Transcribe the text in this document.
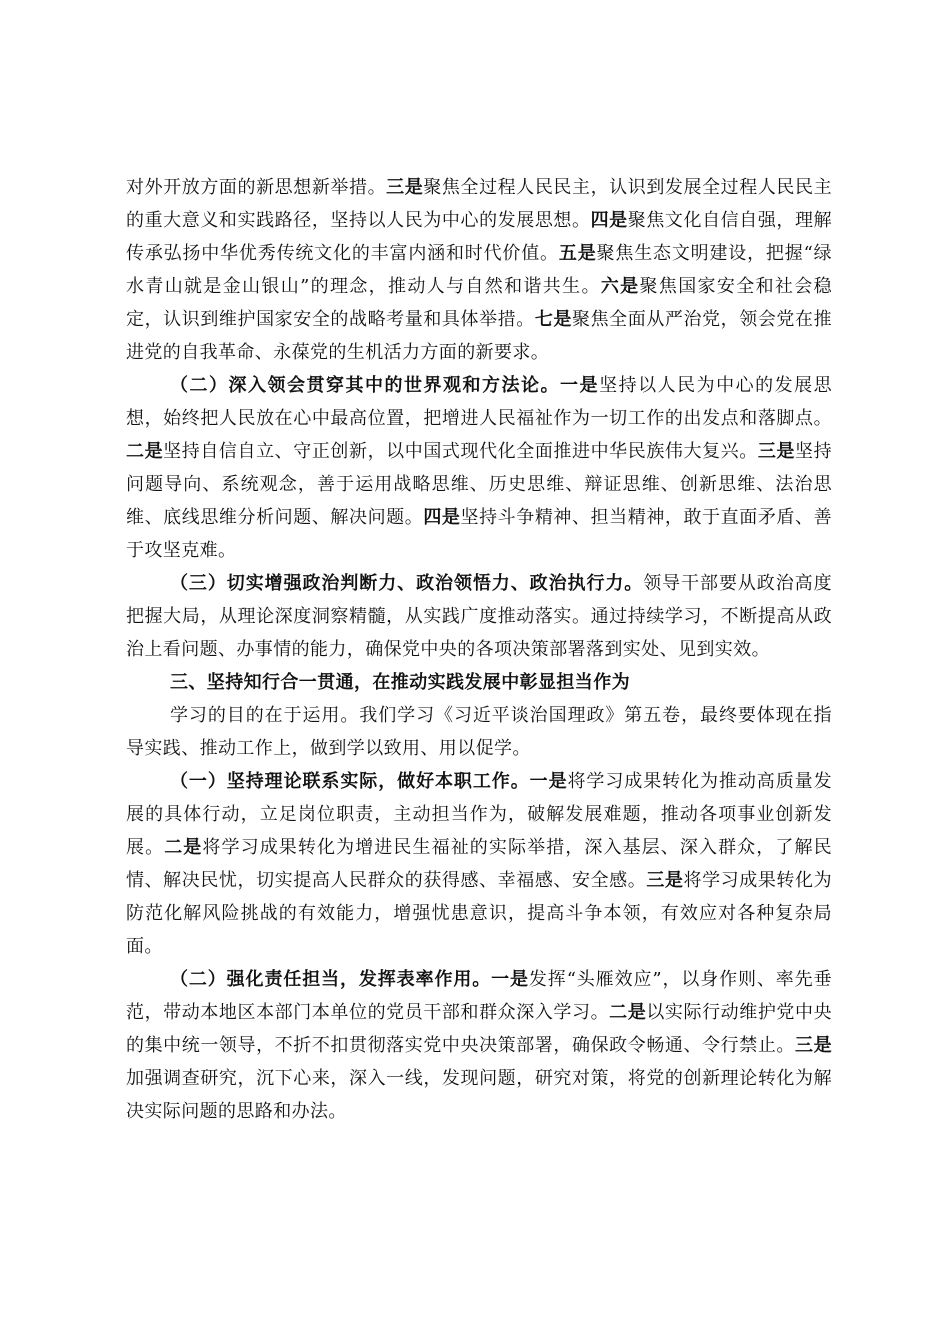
对外开放方面的新思想新举措。三是聚焦全过程人民民主，认识到发展全过程人民民主的重大意义和实践路径，坚持以人民为中心的发展思想。四是聚焦文化自信自强，理解传承弘扬中华优秀传统文化的丰富内涵和时代价值。五是聚焦生态文明建设，把握“绿水青山就是金山银山”的理念，推动人与自然和谐共生。六是聚焦国家安全和社会稳定，认识到维护国家安全的战略考量和具体举措。七是聚焦全面从严治党，领会党在推进党的自我革命、永葆党的生机活力方面的新要求。

（二）深入领会贯穿其中的世界观和方法论。一是坚持以人民为中心的发展思想，始终把人民放在心中最高位置，把增进人民福祉作为一切工作的出发点和落脚点。二是坚持自信自立、守正创新，以中国式现代化全面推进中华民族伟大复兴。三是坚持问题导向、系统观念，善于运用战略思维、历史思维、辩证思维、创新思维、法治思维、底线思维分析问题、解决问题。四是坚持斗争精神、担当精神，敢于直面矛盾、善于攻坚克难。

（三）切实增强政治判断力、政治领悟力、政治执行力。领导干部要从政治高度把握大局，从理论深度洞察精髓，从实践广度推动落实。通过持续学习，不断提高从政治上看问题、办事情的能力，确保党中央的各项决策部署落到实处、见到实效。

三、坚持知行合一贯通，在推动实践发展中彰显担当作为

学习的目的在于运用。我们学习《习近平谈治国理政》第五卷，最终要体现在指导实践、推动工作上，做到学以致用、用以促学。

（一）坚持理论联系实际，做好本职工作。一是将学习成果转化为推动高质量发展的具体行动，立足岗位职责，主动担当作为，破解发展难题，推动各项事业创新发展。二是将学习成果转化为增进民生福祉的实际举措，深入基层、深入群众，了解民情、解决民忧，切实提高人民群众的获得感、幸福感、安全感。三是将学习成果转化为防范化解风险挑战的有效能力，增强忧患意识，提高斗争本领，有效应对各种复杂局面。

（二）强化责任担当，发挥表率作用。一是发挥“头雁效应”，以身作则、率先垂范，带动本地区本部门本单位的党员干部和群众深入学习。二是以实际行动维护党中央的集中统一领导，不折不扣贯彻落实党中央决策部署，确保政令畅通、令行禁止。三是加强调查研究，沉下心来，深入一线，发现问题，研究对策，将党的创新理论转化为解决实际问题的思路和办法。
